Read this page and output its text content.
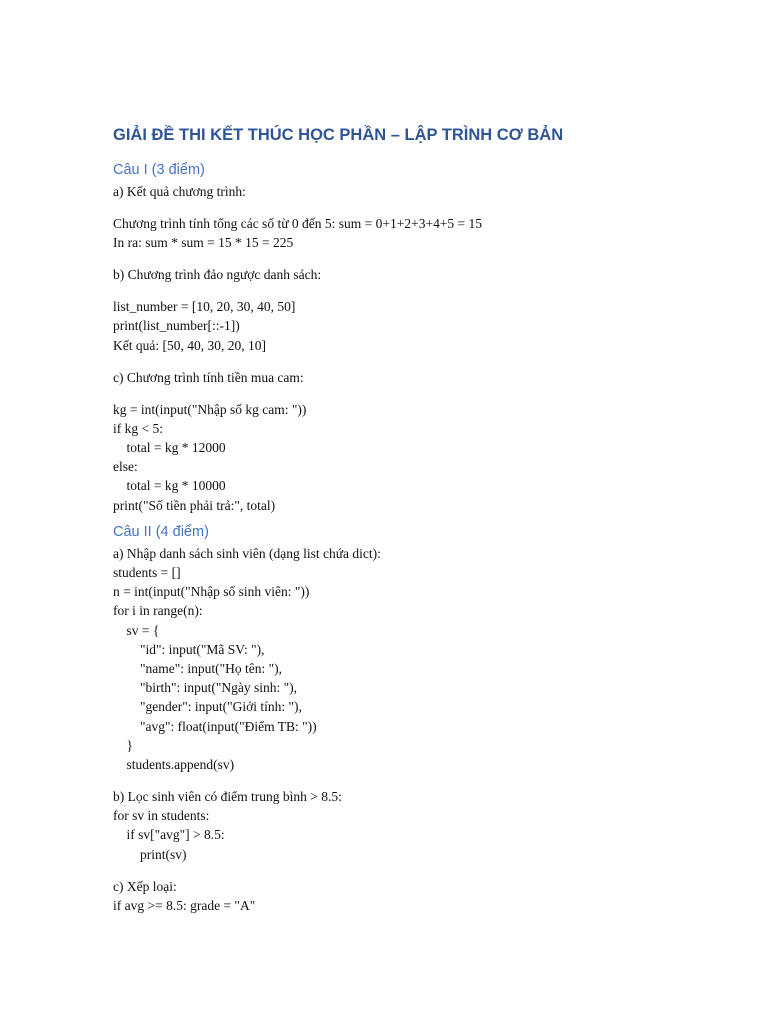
GIẢI ĐỀ THI KẾT THÚC HỌC PHẦN – LẬP TRÌNH CƠ BẢN
Câu I (3 điểm)
a) Kết quả chương trình:
Chương trình tính tổng các số từ 0 đến 5: sum = 0+1+2+3+4+5 = 15
In ra: sum * sum = 15 * 15 = 225
b) Chương trình đảo ngược danh sách:
list_number = [10, 20, 30, 40, 50]
print(list_number[::-1])
Kết quả: [50, 40, 30, 20, 10]
c) Chương trình tính tiền mua cam:
kg = int(input("Nhập số kg cam: "))
if kg < 5:
total = kg * 12000
else:
total = kg * 10000
print("Số tiền phải trả:", total)
Câu II (4 điểm)
a) Nhập danh sách sinh viên (dạng list chứa dict):
students = []
n = int(input("Nhập số sinh viên: "))
for i in range(n):
sv = {
"id": input("Mã SV: "),
"name": input("Họ tên: "),
"birth": input("Ngày sinh: "),
"gender": input("Giới tính: "),
"avg": float(input("Điểm TB: "))
}
students.append(sv)
b) Lọc sinh viên có điểm trung bình > 8.5:
for sv in students:
if sv["avg"] > 8.5:
print(sv)
c) Xếp loại:
if avg >= 8.5: grade = "A"
